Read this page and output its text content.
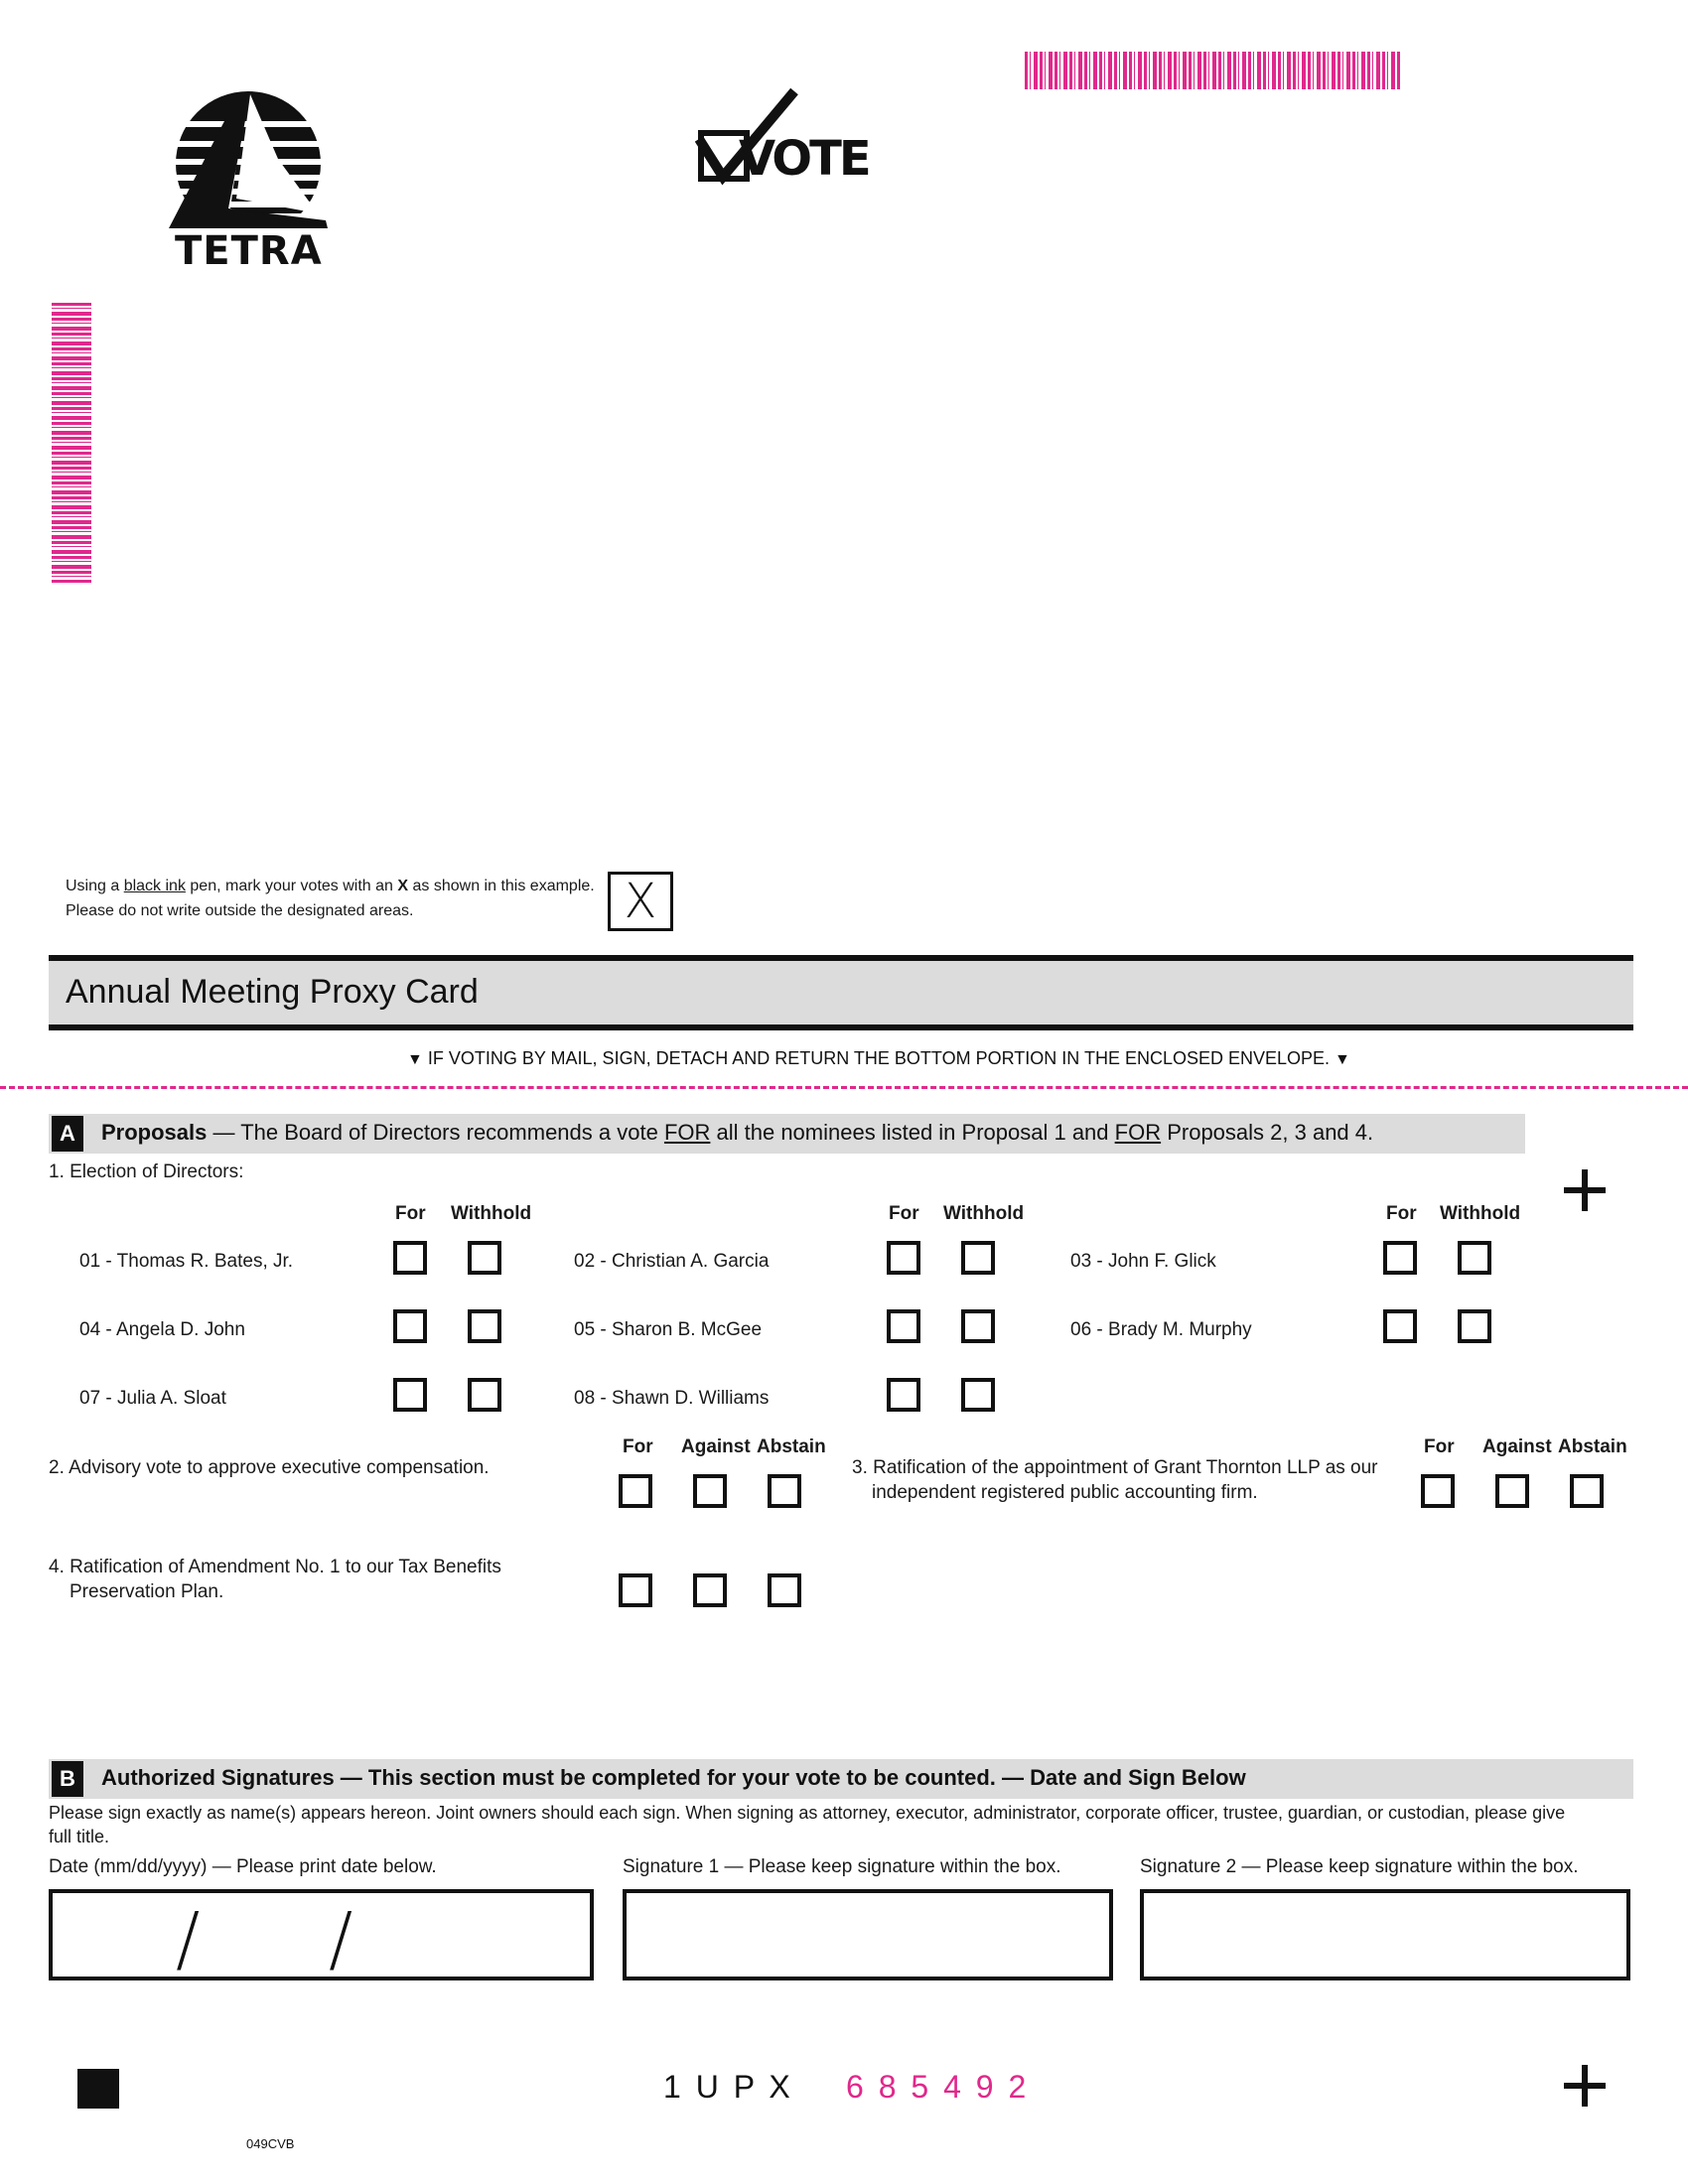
TETRA
VOTE
Using a black ink pen, mark your votes with an X as shown in this example.
Please do not write outside the designated areas.	X
Annual Meeting Proxy Card
▼ IF VOTING BY MAIL, SIGN, DETACH AND RETURN THE BOTTOM PORTION IN THE ENCLOSED ENVELOPE. ▼
A	Proposals — The Board of Directors recommends a vote FOR all the nominees listed in Proposal 1 and FOR Proposals 2, 3 and 4.
1. Election of Directors:
For Withhold	For Withhold	For Withhold
01 - Thomas R. Bates, Jr.	02 - Christian A. Garcia	03 - John F. Glick
04 - Angela D. John	05 - Sharon B. McGee	06 - Brady M. Murphy
07 - Julia A. Sloat	08 - Shawn D. Williams
For Against Abstain	For Against Abstain
2. Advisory vote to approve executive compensation.	3. Ratification of the appointment of Grant Thornton LLP as our
independent registered public accounting firm.
4. Ratification of Amendment No. 1 to our Tax Benefits
Preservation Plan.
B	Authorized Signatures — This section must be completed for your vote to be counted. — Date and Sign Below
Please sign exactly as name(s) appears hereon. Joint owners should each sign. When signing as attorney, executor, administrator, corporate officer, trustee, guardian, or custodian, please give
full title.
Date (mm/dd/yyyy) — Please print date below.	Signature 1 — Please keep signature within the box.	Signature 2 — Please keep signature within the box.
/ /
1 U P X 6 8 5 4 9 2
049CVB
